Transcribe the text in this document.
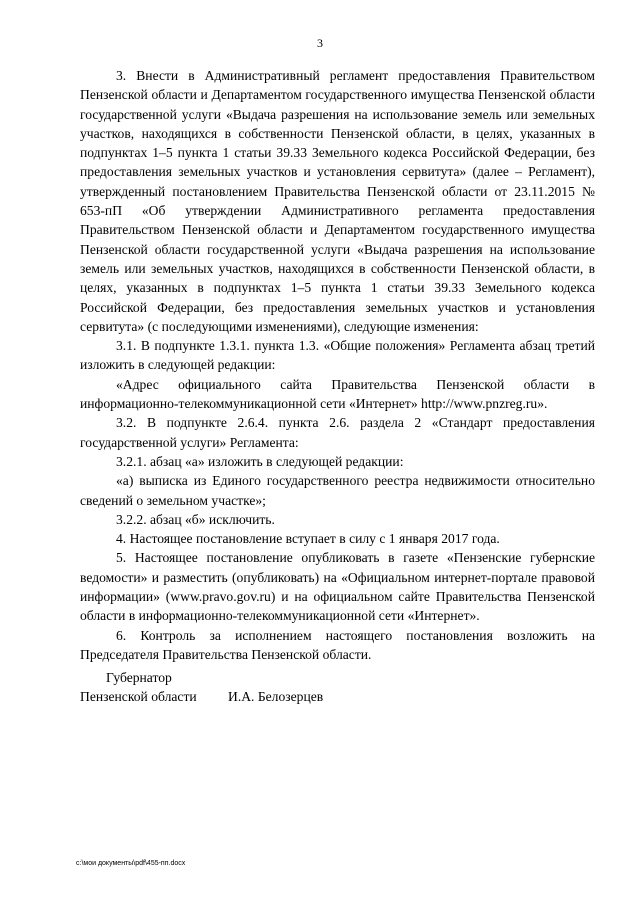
3

3. Внести в Административный регламент предоставления Правительством Пензенской области и Департаментом государственного имущества Пензенской области государственной услуги «Выдача разрешения на использование земель или земельных участков, находящихся в собственности Пензенской области, в целях, указанных в подпунктах 1–5 пункта 1 статьи 39.33 Земельного кодекса Российской Федерации, без предоставления земельных участков и установления сервитута» (далее – Регламент), утвержденный постановлением Правительства Пензенской области от 23.11.2015 № 653-пП «Об утверждении Административного регламента предоставления Правительством Пензенской области и Департаментом государственного имущества Пензенской области государственной услуги «Выдача разрешения на использование земель или земельных участков, находящихся в собственности Пензенской области, в целях, указанных в подпунктах 1–5 пункта 1 статьи 39.33 Земельного кодекса Российской Федерации, без предоставления земельных участков и установления сервитута» (с последующими изменениями), следующие изменения:

3.1. В подпункте 1.3.1. пункта 1.3. «Общие положения» Регламента абзац третий изложить в следующей редакции:

«Адрес официального сайта Правительства Пензенской области в информационно-телекоммуникационной сети «Интернет» http://www.pnzreg.ru».

3.2. В подпункте 2.6.4. пункта 2.6. раздела 2 «Стандарт предоставления государственной услуги» Регламента:

3.2.1. абзац «а» изложить в следующей редакции:

«а) выписка из Единого государственного реестра недвижимости относительно сведений о земельном участке»;

3.2.2. абзац «б» исключить.

4. Настоящее постановление вступает в силу с 1 января 2017 года.

5. Настоящее постановление опубликовать в газете «Пензенские губернские ведомости» и разместить (опубликовать) на «Официальном интернет-портале правовой информации» (www.pravo.gov.ru) и на официальном сайте Правительства Пензенской области в информационно-телекоммуникационной сети «Интернет».

6. Контроль за исполнением настоящего постановления возложить на Председателя Правительства Пензенской области.

Губернатор
Пензенской области	И.А. Белозерцев
c:\мои документы\pdf\455-пп.docx
